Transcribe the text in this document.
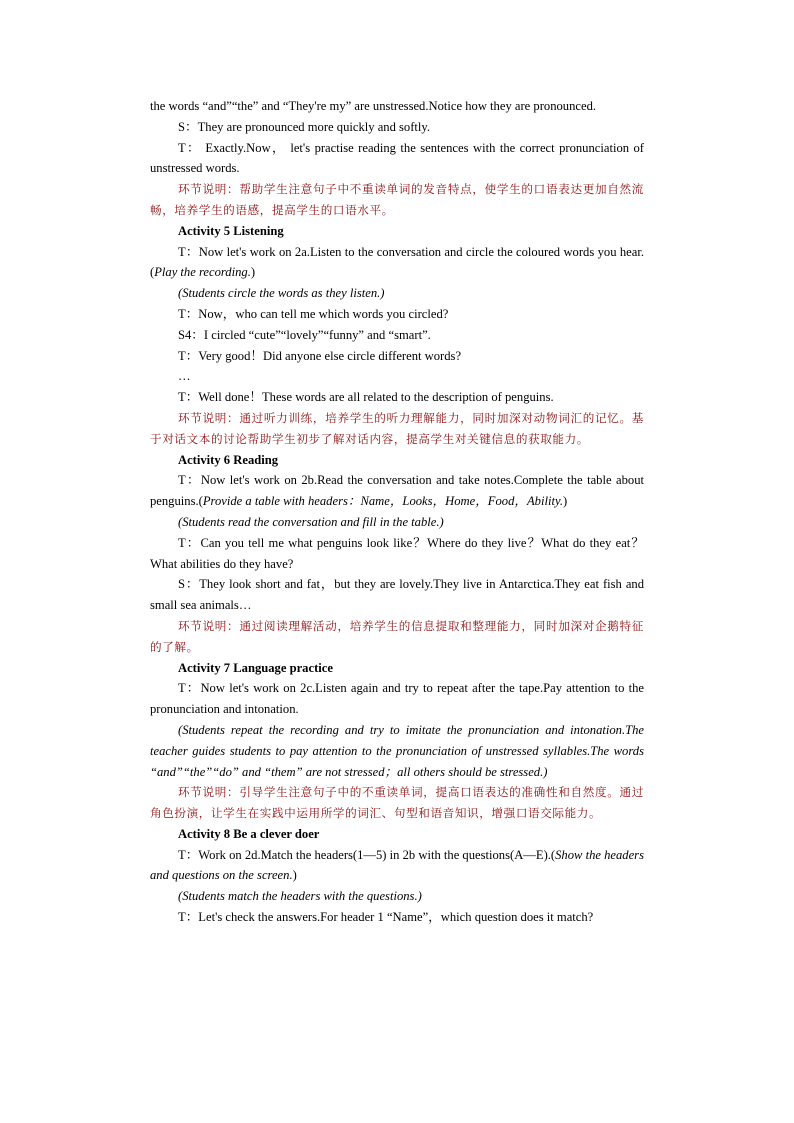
the words “and”“the” and “They're my” are unstressed.Notice how they are pronounced.

S：They are pronounced more quickly and softly.

T： Exactly.Now， let's practise reading the sentences with the correct pronunciation of unstressed words.

环节说明：帮助学生注意句子中不重读单词的发音特点，使学生的口语表达更加自然流畅，培养学生的语感，提高学生的口语水平。

Activity 5 Listening

T：Now let's work on 2a.Listen to the conversation and circle the coloured words you hear.(Play the recording.)

(Students circle the words as they listen.)

T：Now，who can tell me which words you circled?

S4：I circled “cute”“lovely”“funny” and “smart”.

T：Very good！Did anyone else circle different words?

…

T：Well done！These words are all related to the description of penguins.

环节说明：通过听力训练，培养学生的听力理解能力，同时加深对动物词汇的记忆。基于对话文本的讨论帮助学生初步了解对话内容，提高学生对关键信息的获取能力。

Activity 6 Reading

T：Now let's work on 2b.Read the conversation and take notes.Complete the table about penguins.(Provide a table with headers：Name，Looks，Home，Food，Ability.)

(Students read the conversation and fill in the table.)

T：Can you tell me what penguins look like？Where do they live？What do they eat？What abilities do they have?

S：They look short and fat，but they are lovely.They live in Antarctica.They eat fish and small sea animals…

环节说明：通过阅读理解活动，培养学生的信息提取和整理能力，同时加深对企鹅特征的了解。

Activity 7 Language practice

T：Now let's work on 2c.Listen again and try to repeat after the tape.Pay attention to the pronunciation and intonation.

(Students repeat the recording and try to imitate the pronunciation and intonation.The teacher guides students to pay attention to the pronunciation of unstressed syllables.The words “and”“the”“do” and “them” are not stressed；all others should be stressed.)

环节说明：引导学生注意句子中的不重读单词，提高口语表达的准确性和自然度。通过角色扮演，让学生在实践中运用所学的词汇、句型和语音知识，增强口语交际能力。

Activity 8 Be a clever doer

T：Work on 2d.Match the headers(1—5) in 2b with the questions(A—E).(Show the headers and questions on the screen.)

(Students match the headers with the questions.)

T：Let's check the answers.For header 1 “Name”，which question does it match?
